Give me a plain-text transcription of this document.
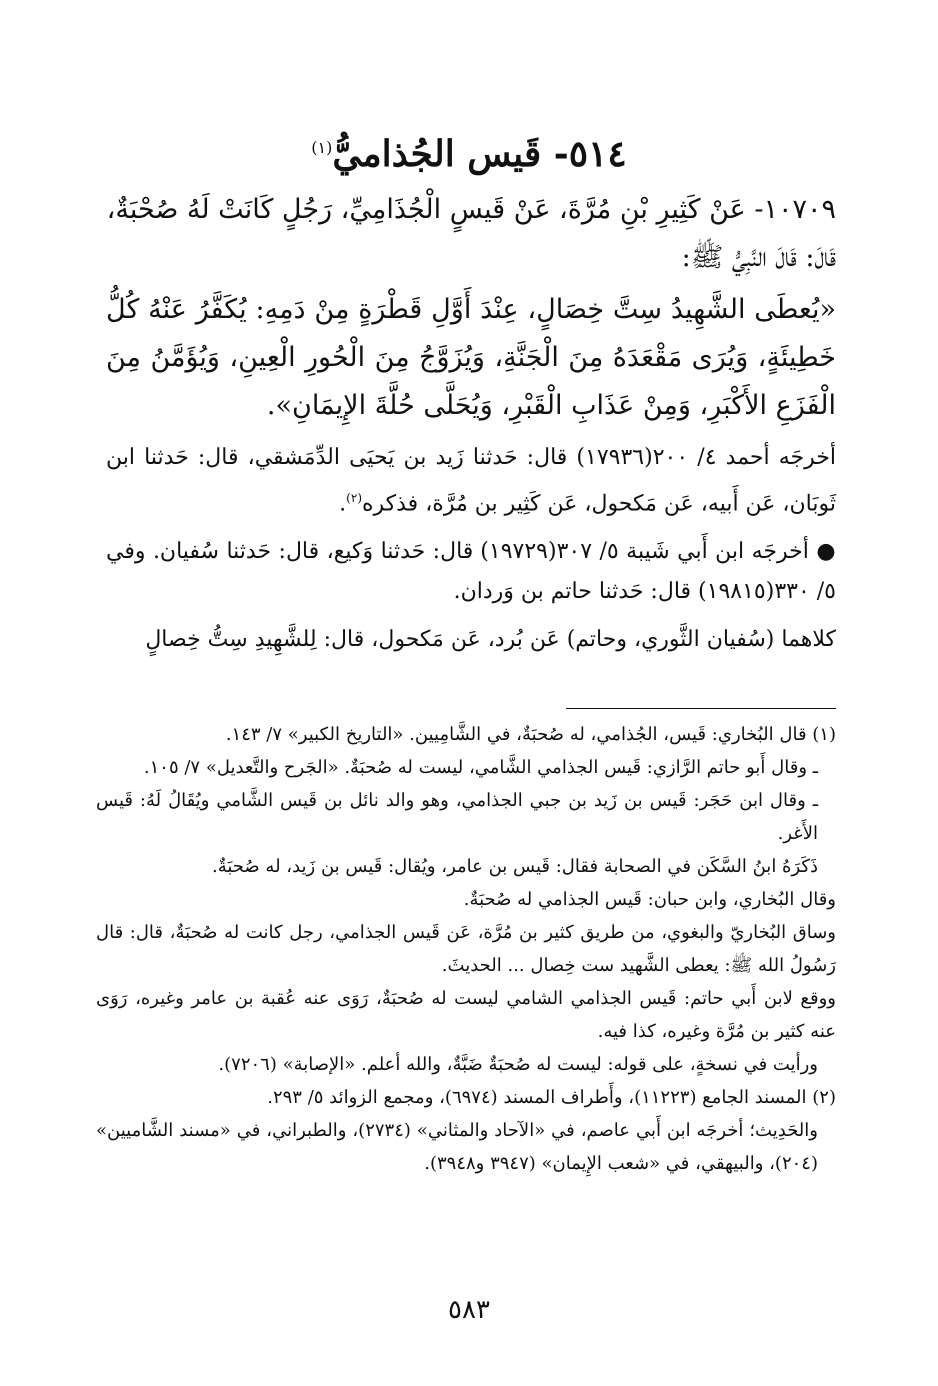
٥١٤- قَيس الجُذاميُّ$^{(١)}$

١٠٧٠٩- عَنْ كَثِيرِ بْنِ مُرَّةَ، عَنْ قَيسٍ الْجُذَامِيِّ، رَجُلٍ كَانَتْ لَهُ صُحْبَةٌ،

قَالَ: قَالَ النَّبِيُّ ﷺ:

«يُعطَى الشَّهِيدُ سِتَّ خِصَالٍ، عِنْدَ أَوَّلِ قَطْرَةٍ مِنْ دَمِهِ: يُكَفَّرُ عَنْهُ كُلُّ خَطِيئَةٍ، وَيُرَى مَقْعَدَهُ مِنَ الْجَنَّةِ، وَيُزَوَّجُ مِنَ الْحُورِ الْعِينِ، وَيُؤَمَّنُ مِنَ الْفَزَعِ الأَكْبَرِ، وَمِنْ عَذَابِ الْقَبْرِ، وَيُحَلَّى حُلَّةَ الإِيمَانِ».

أخرجَه أحمد ٤/ ٢٠٠(١٧٩٣٦) قال: حَدثنا زَيد بن يَحيَى الدِّمَشقي، قال: حَدثنا ابن ثَوبَان، عَن أَبيه، عَن مَكحول، عَن كَثِير بن مُرَّة، فذكره$^{(٢)}$.

● أخرجَه ابن أَبي شَيبة ٥/ ٣٠٧(١٩٧٢٩) قال: حَدثنا وَكيع، قال: حَدثنا سُفيان. وفي ٥/ ٣٣٠(١٩٨١٥) قال: حَدثنا حاتم بن وَردان.

كلاهما (سُفيان الثَّوري، وحاتم) عَن بُرد، عَن مَكحول، قال: لِلشَّهِيدِ سِتُّ خِصالٍ

(١) قال البُخاري: قَيس، الجُذامي، له صُحبَةٌ، في الشَّامِيين. «التاريخ الكبير» ٧/ ١٤٣.

ـ وقال أَبو حاتم الرَّازي: قَيس الجذامي الشَّامي، ليست له صُحبَةٌ. «الجَرح والتَّعديل» ٧/ ١٠٥.

ـ وقال ابن حَجَر: قَيس بن زَيد بن جبي الجذامي، وهو والد نائل بن قَيس الشَّامي ويُقَالُ لَهُ: قَيس الأَغر.

ذَكَرَهُ ابنُ السَّكَن في الصحابة فقال: قَيس بن عامر، ويُقال: قَيس بن زَيد، له صُحبَةٌ.

وقال البُخاري، وابن حبان: قَيس الجذامي له صُحبَةٌ.

وساق البُخاريّ والبغوي، من طريق كثير بن مُرَّة، عَن قَيس الجذامي، رجل كانت له صُحبَةٌ، قال: قال رَسُولُ الله ﷺ: يعطى الشَّهيد ست خِصال ... الحديثَ.

ووقع لابن أَبي حاتم: قَيس الجذامي الشامي ليست له صُحبَةٌ، رَوَى عنه عُقبة بن عامر وغيره، رَوَى عنه كثير بن مُرَّة وغيره، كذا فيه.

ورأيت في نسخةٍ، على قوله: ليست له صُحبَةٌ ضَبَّةٌ، والله أعلم. «الإصابة» (٧٢٠٦).

(٢) المسند الجامع (١١٢٢٣)، وأَطراف المسند (٦٩٧٤)، ومجمع الزوائد ٥/ ٢٩٣.

والحَدِيث؛ أخرجَه ابن أَبي عاصم، في «الآحاد والمثاني» (٢٧٣٤)، والطبراني، في «مسند الشَّاميين» (٢٠٤)، والبيهقي، في «شعب الإِيمان» (٣٩٤٧ و٣٩٤٨).

٥٨٣
